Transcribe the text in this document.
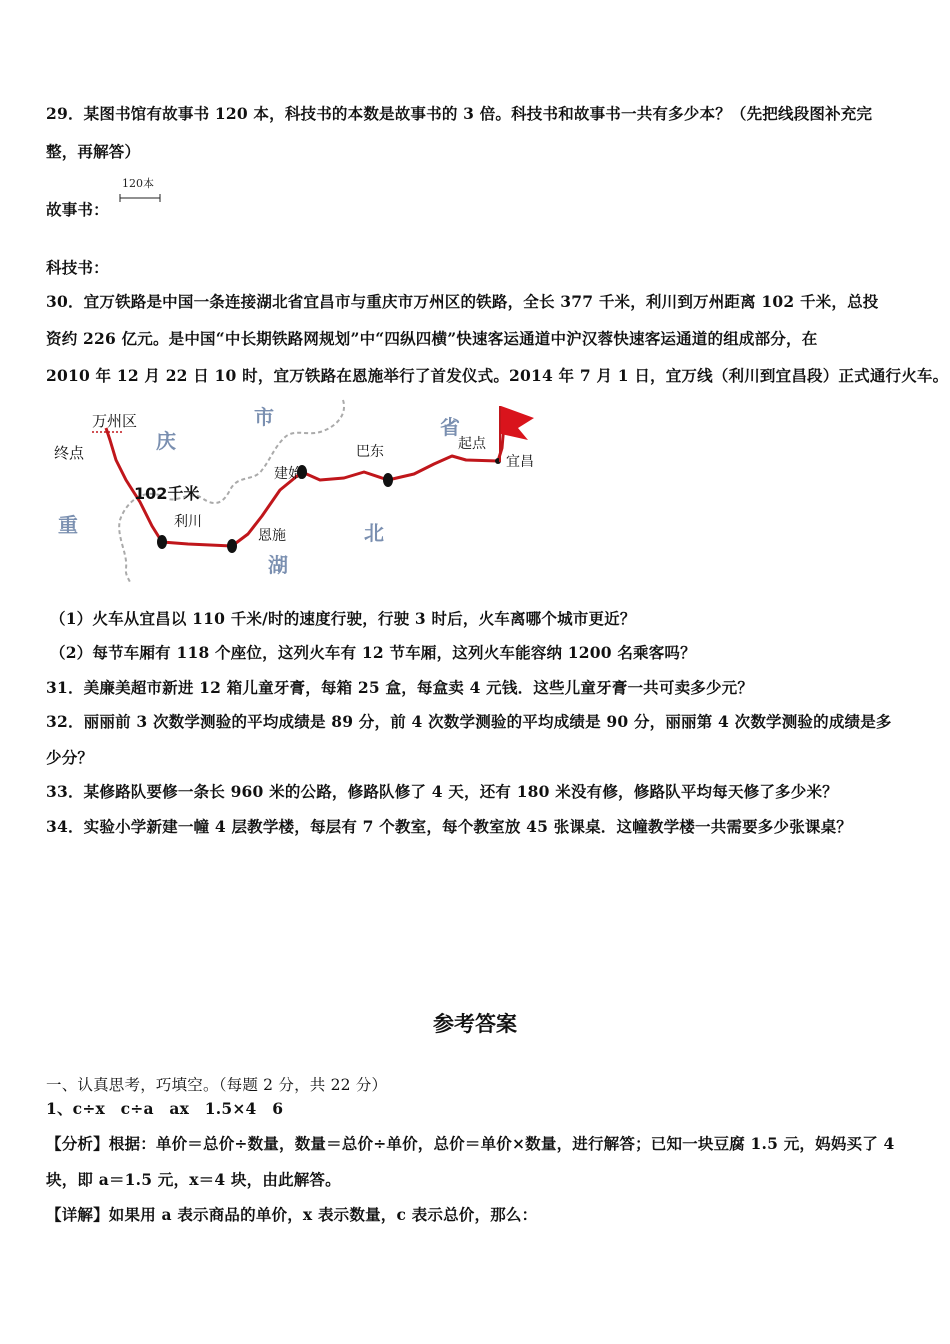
29．某图书馆有故事书 120 本，科技书的本数是故事书的 3 倍。科技书和故事书一共有多少本？（先把线段图补充完
整，再解答）
故事书：
120本
科技书：
30．宜万铁路是中国一条连接湖北省宜昌市与重庆市万州区的铁路，全长 377 千米，利川到万州距离 102 千米，总投
资约 226 亿元。是中国“中长期铁路网规划”中“四纵四横”快速客运通道中沪汉蓉快速客运通道的组成部分，在
2010 年 12 月 22 日 10 时，宜万铁路在恩施举行了首发仪式。2014 年 7 月 1 日，宜万线（利川到宜昌段）正式通行火车。
庆
市	省
重
湖
北
万州区
终点
102千米
利川
恩施
建始
巴东	起点
宜昌
（1）火车从宜昌以 110 千米/时的速度行驶，行驶 3 时后，火车离哪个城市更近？
（2）每节车厢有 118 个座位，这列火车有 12 节车厢，这列火车能容纳 1200 名乘客吗？
31．美廉美超市新进 12 箱儿童牙膏，每箱 25 盒，每盒卖 4 元钱．这些儿童牙膏一共可卖多少元？
32．丽丽前 3 次数学测验的平均成绩是 89 分，前 4 次数学测验的平均成绩是 90 分，丽丽第 4 次数学测验的成绩是多
少分？
33．某修路队要修一条长 960 米的公路，修路队修了 4 天，还有 180 米没有修，修路队平均每天修了多少米？
34．实验小学新建一幢 4 层教学楼，每层有 7 个教室，每个教室放 45 张课桌．这幢教学楼一共需要多少张课桌？
参考答案
一、认真思考，巧填空。（每题 2 分，共 22 分）
1、c÷x　c÷a　ax　1.5×4　6
【分析】根据：单价＝总价÷数量，数量＝总价÷单价，总价＝单价×数量，进行解答；已知一块豆腐 1.5 元，妈妈买了 4
块，即 a＝1.5 元，x＝4 块，由此解答。
【详解】如果用 a 表示商品的单价，x 表示数量，c 表示总价，那么：
